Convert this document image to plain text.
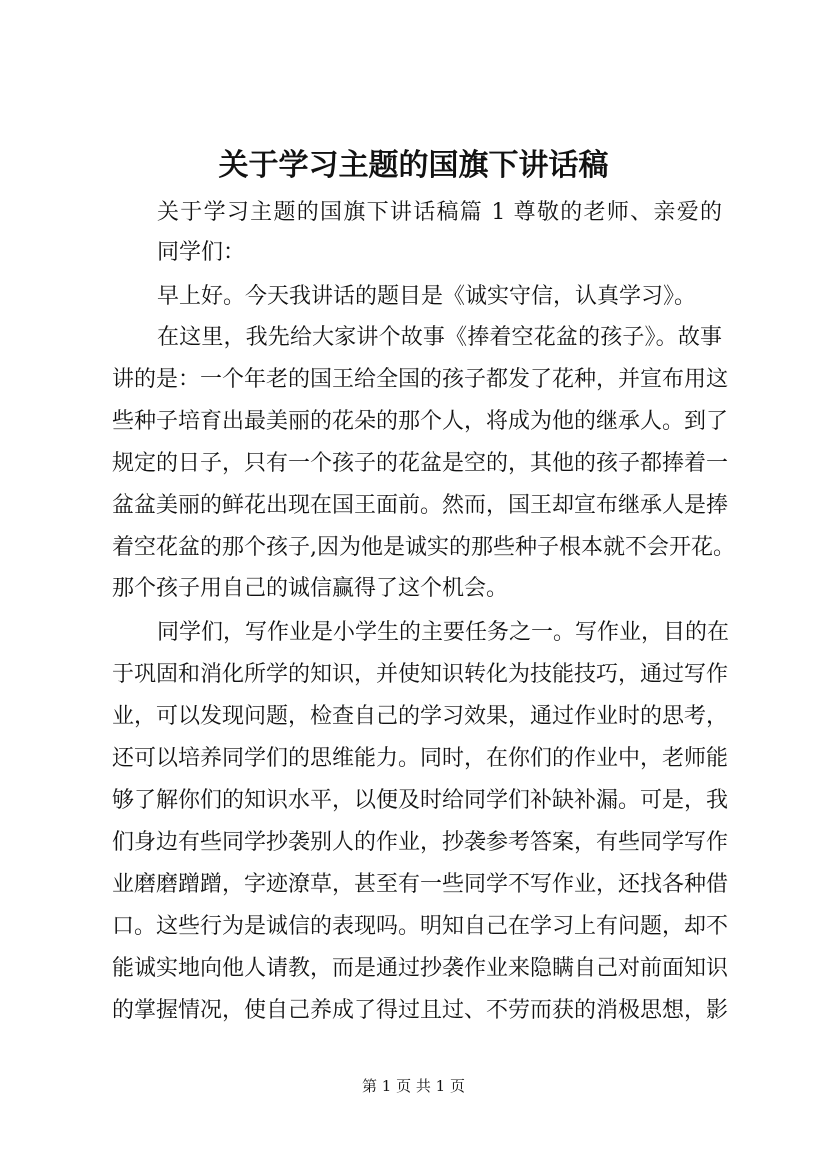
关于学习主题的国旗下讲话稿
关于学习主题的国旗下讲话稿篇 1 尊敬的老师、亲爱的
同学们：
早上好。今天我讲话的题目是《诚实守信，认真学习》。
在这里，我先给大家讲个故事《捧着空花盆的孩子》。故事
讲的是：一个年老的国王给全国的孩子都发了花种，并宣布用这
些种子培育出最美丽的花朵的那个人，将成为他的继承人。到了
规定的日子，只有一个孩子的花盆是空的，其他的孩子都捧着一
盆盆美丽的鲜花出现在国王面前。然而，国王却宣布继承人是捧
着空花盆的那个孩子,因为他是诚实的那些种子根本就不会开花。
那个孩子用自己的诚信赢得了这个机会。
同学们，写作业是小学生的主要任务之一。写作业，目的在
于巩固和消化所学的知识，并使知识转化为技能技巧，通过写作
业，可以发现问题，检查自己的学习效果，通过作业时的思考，
还可以培养同学们的思维能力。同时，在你们的作业中，老师能
够了解你们的知识水平，以便及时给同学们补缺补漏。可是，我
们身边有些同学抄袭别人的作业，抄袭参考答案，有些同学写作
业磨磨蹭蹭，字迹潦草，甚至有一些同学不写作业，还找各种借
口。这些行为是诚信的表现吗。明知自己在学习上有问题，却不
能诚实地向他人请教，而是通过抄袭作业来隐瞒自己对前面知识
的掌握情况，使自己养成了得过且过、不劳而获的消极思想，影
第 1 页 共 1 页
